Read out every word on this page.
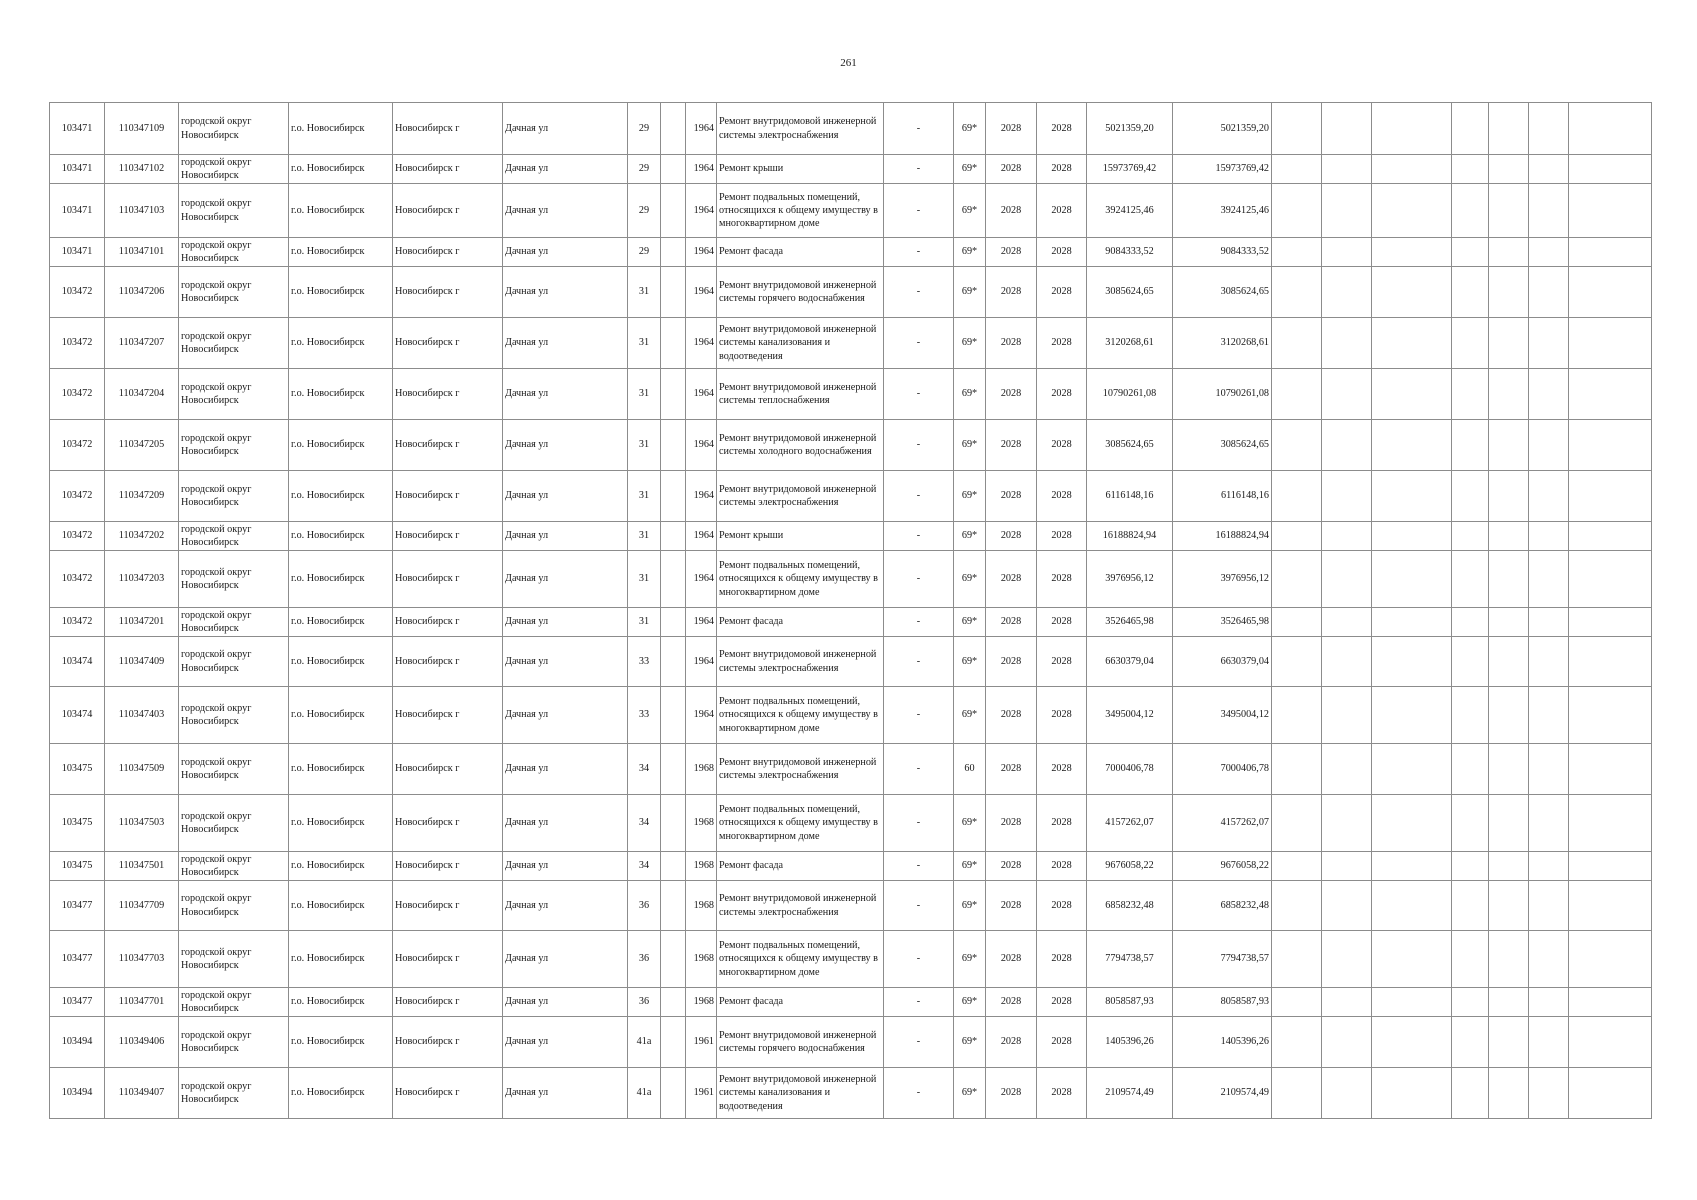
261
103471	110347109	городской округ Новосибирск	г.о. Новосибирск	Новосибирск г	Дачная ул	29		1964	Ремонт внутридомовой инженерной системы электроснабжения	-	69*	2028	2028	5021359,20	5021359,20							
103471	110347102	городской округ Новосибирск	г.о. Новосибирск	Новосибирск г	Дачная ул	29		1964	Ремонт крыши	-	69*	2028	2028	15973769,42	15973769,42							
103471	110347103	городской округ Новосибирск	г.о. Новосибирск	Новосибирск г	Дачная ул	29		1964	Ремонт подвальных помещений, относящихся к общему имуществу в многоквартирном доме	-	69*	2028	2028	3924125,46	3924125,46							
103471	110347101	городской округ Новосибирск	г.о. Новосибирск	Новосибирск г	Дачная ул	29		1964	Ремонт фасада	-	69*	2028	2028	9084333,52	9084333,52							
103472	110347206	городской округ Новосибирск	г.о. Новосибирск	Новосибирск г	Дачная ул	31		1964	Ремонт внутридомовой инженерной системы горячего водоснабжения	-	69*	2028	2028	3085624,65	3085624,65							
103472	110347207	городской округ Новосибирск	г.о. Новосибирск	Новосибирск г	Дачная ул	31		1964	Ремонт внутридомовой инженерной системы канализования и водоотведения	-	69*	2028	2028	3120268,61	3120268,61							
103472	110347204	городской округ Новосибирск	г.о. Новосибирск	Новосибирск г	Дачная ул	31		1964	Ремонт внутридомовой инженерной системы теплоснабжения	-	69*	2028	2028	10790261,08	10790261,08							
103472	110347205	городской округ Новосибирск	г.о. Новосибирск	Новосибирск г	Дачная ул	31		1964	Ремонт внутридомовой инженерной системы холодного водоснабжения	-	69*	2028	2028	3085624,65	3085624,65							
103472	110347209	городской округ Новосибирск	г.о. Новосибирск	Новосибирск г	Дачная ул	31		1964	Ремонт внутридомовой инженерной системы электроснабжения	-	69*	2028	2028	6116148,16	6116148,16							
103472	110347202	городской округ Новосибирск	г.о. Новосибирск	Новосибирск г	Дачная ул	31		1964	Ремонт крыши	-	69*	2028	2028	16188824,94	16188824,94							
103472	110347203	городской округ Новосибирск	г.о. Новосибирск	Новосибирск г	Дачная ул	31		1964	Ремонт подвальных помещений, относящихся к общему имуществу в многоквартирном доме	-	69*	2028	2028	3976956,12	3976956,12							
103472	110347201	городской округ Новосибирск	г.о. Новосибирск	Новосибирск г	Дачная ул	31		1964	Ремонт фасада	-	69*	2028	2028	3526465,98	3526465,98							
103474	110347409	городской округ Новосибирск	г.о. Новосибирск	Новосибирск г	Дачная ул	33		1964	Ремонт внутридомовой инженерной системы электроснабжения	-	69*	2028	2028	6630379,04	6630379,04							
103474	110347403	городской округ Новосибирск	г.о. Новосибирск	Новосибирск г	Дачная ул	33		1964	Ремонт подвальных помещений, относящихся к общему имуществу в многоквартирном доме	-	69*	2028	2028	3495004,12	3495004,12							
103475	110347509	городской округ Новосибирск	г.о. Новосибирск	Новосибирск г	Дачная ул	34		1968	Ремонт внутридомовой инженерной системы электроснабжения	-	60	2028	2028	7000406,78	7000406,78							
103475	110347503	городской округ Новосибирск	г.о. Новосибирск	Новосибирск г	Дачная ул	34		1968	Ремонт подвальных помещений, относящихся к общему имуществу в многоквартирном доме	-	69*	2028	2028	4157262,07	4157262,07							
103475	110347501	городской округ Новосибирск	г.о. Новосибирск	Новосибирск г	Дачная ул	34		1968	Ремонт фасада	-	69*	2028	2028	9676058,22	9676058,22							
103477	110347709	городской округ Новосибирск	г.о. Новосибирск	Новосибирск г	Дачная ул	36		1968	Ремонт внутридомовой инженерной системы электроснабжения	-	69*	2028	2028	6858232,48	6858232,48							
103477	110347703	городской округ Новосибирск	г.о. Новосибирск	Новосибирск г	Дачная ул	36		1968	Ремонт подвальных помещений, относящихся к общему имуществу в многоквартирном доме	-	69*	2028	2028	7794738,57	7794738,57							
103477	110347701	городской округ Новосибирск	г.о. Новосибирск	Новосибирск г	Дачная ул	36		1968	Ремонт фасада	-	69*	2028	2028	8058587,93	8058587,93							
103494	110349406	городской округ Новосибирск	г.о. Новосибирск	Новосибирск г	Дачная ул	41а		1961	Ремонт внутридомовой инженерной системы горячего водоснабжения	-	69*	2028	2028	1405396,26	1405396,26							
103494	110349407	городской округ Новосибирск	г.о. Новосибирск	Новосибирск г	Дачная ул	41а		1961	Ремонт внутридомовой инженерной системы канализования и водоотведения	-	69*	2028	2028	2109574,49	2109574,49							
